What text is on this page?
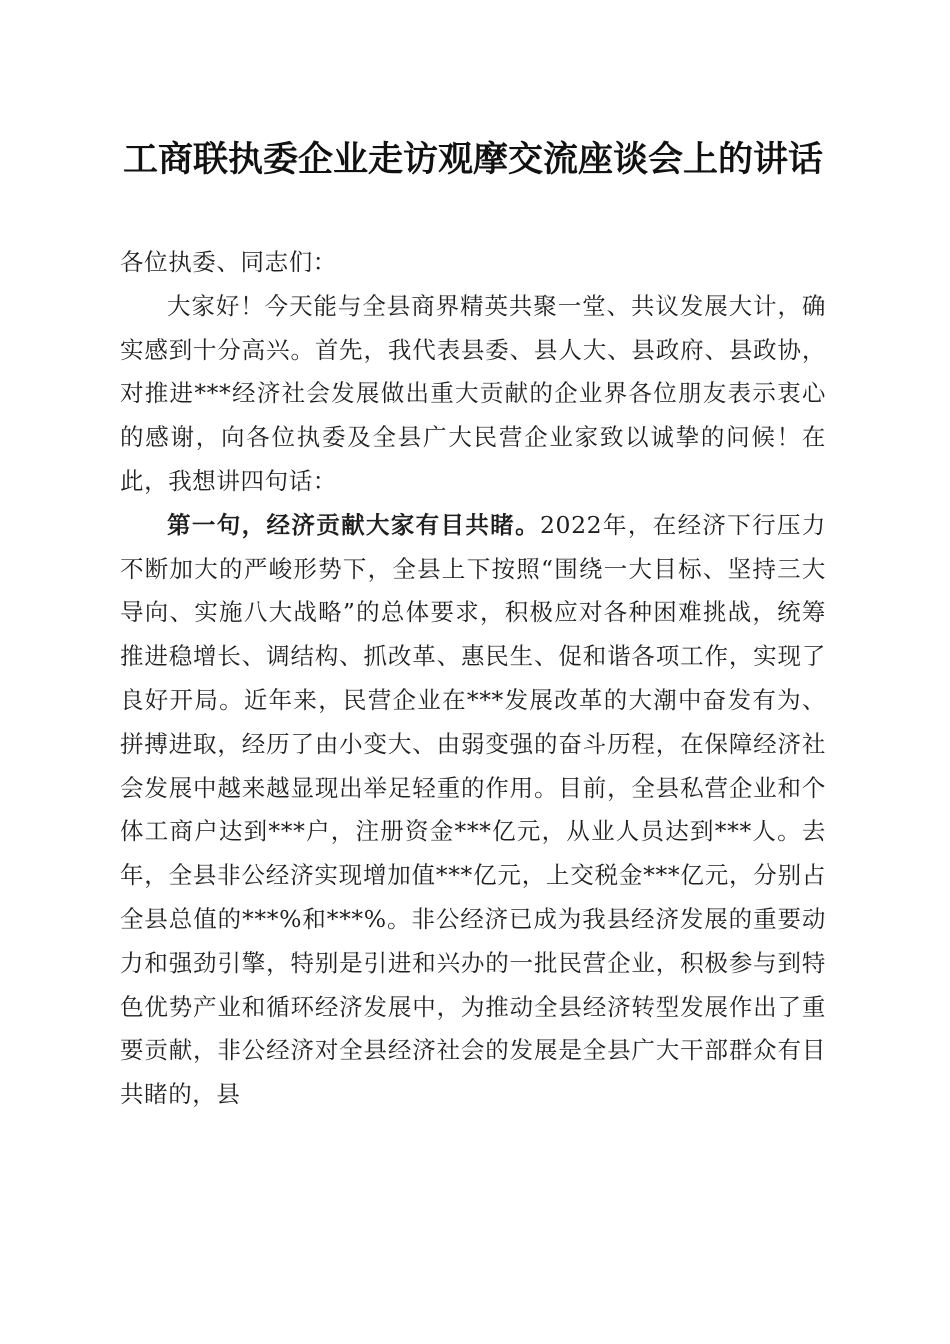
工商联执委企业走访观摩交流座谈会上的讲话

各位执委、同志们：

大家好！今天能与全县商界精英共聚一堂、共议发展大计，确实感到十分高兴。首先，我代表县委、县人大、县政府、县政协，对推进***经济社会发展做出重大贡献的企业界各位朋友表示衷心的感谢，向各位执委及全县广大民营企业家致以诚挚的问候！在此，我想讲四句话：

第一句，经济贡献大家有目共睹。2022年，在经济下行压力不断加大的严峻形势下，全县上下按照“围绕一大目标、坚持三大导向、实施八大战略”的总体要求，积极应对各种困难挑战，统筹推进稳增长、调结构、抓改革、惠民生、促和谐各项工作，实现了良好开局。近年来，民营企业在***发展改革的大潮中奋发有为、拼搏进取，经历了由小变大、由弱变强的奋斗历程，在保障经济社会发展中越来越显现出举足轻重的作用。目前，全县私营企业和个体工商户达到***户，注册资金***亿元，从业人员达到***人。去年，全县非公经济实现增加值***亿元，上交税金***亿元，分别占全县总值的***%和***%。非公经济已成为我县经济发展的重要动力和强劲引擎，特别是引进和兴办的一批民营企业，积极参与到特色优势产业和循环经济发展中，为推动全县经济转型发展作出了重要贡献，非公经济对全县经济社会的发展是全县广大干部群众有目共睹的，县
